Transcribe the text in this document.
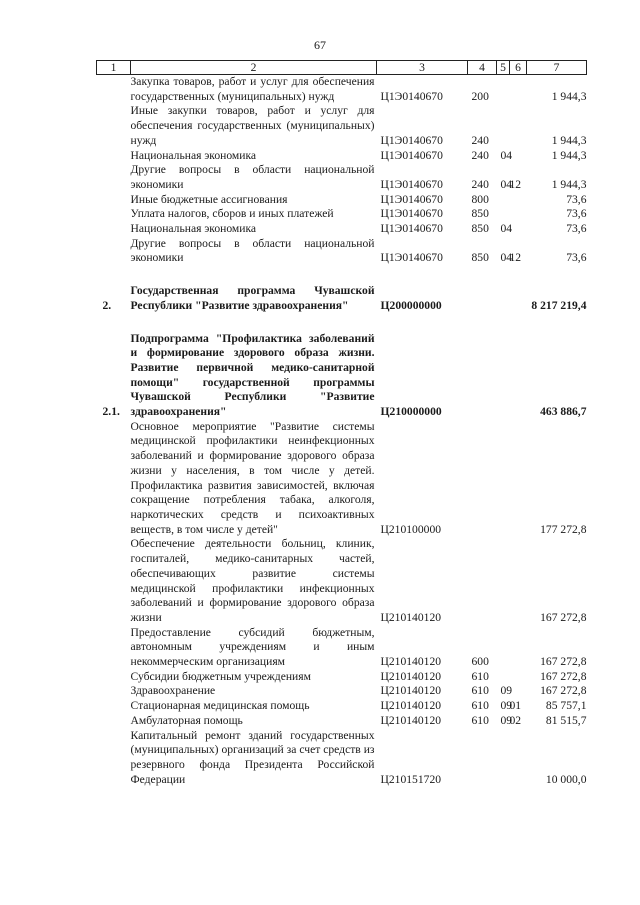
67
1	2	3	4	5	6	7
	Закупка товаров, работ и услуг для обеспечения государственных (муниципальных) нужд	Ц1Э0140670	200			1 944,3
	Иные закупки товаров, работ и услуг для обеспечения государственных (муниципальных) нужд	Ц1Э0140670	240			1 944,3
	Национальная экономика	Ц1Э0140670	240	04		1 944,3
	Другие вопросы в области национальной экономики	Ц1Э0140670	240	04	12	1 944,3
	Иные бюджетные ассигнования	Ц1Э0140670	800			73,6
	Уплата налогов, сборов и иных платежей	Ц1Э0140670	850			73,6
	Национальная экономика	Ц1Э0140670	850	04		73,6
	Другие вопросы в области национальной экономики	Ц1Э0140670	850	04	12	73,6
2.	Государственная программа Чувашской Республики "Развитие здравоохранения"	Ц200000000				8 217 219,4
2.1.	Подпрограмма "Профилактика заболеваний и формирование здорового образа жизни. Развитие первичной медико-санитарной помощи" государственной программы Чувашской Республики "Развитие здравоохранения"	Ц210000000				463 886,7
	Основное мероприятие "Развитие системы медицинской профилактики неинфекционных заболеваний и формирование здорового образа жизни у населения, в том числе у детей. Профилактика развития зависимостей, включая сокращение потребления табака, алкоголя, наркотических средств и психоактивных веществ, в том числе у детей"	Ц210100000				177 272,8
	Обеспечение деятельности больниц, клиник, госпиталей, медико-санитарных частей, обеспечивающих развитие системы медицинской профилактики инфекционных заболеваний и формирование здорового образа жизни	Ц210140120				167 272,8
	Предоставление субсидий бюджетным, автономным учреждениям и иным некоммерческим организациям	Ц210140120	600			167 272,8
	Субсидии бюджетным учреждениям	Ц210140120	610			167 272,8
	Здравоохранение	Ц210140120	610	09		167 272,8
	Стационарная медицинская помощь	Ц210140120	610	09	01	85 757,1
	Амбулаторная помощь	Ц210140120	610	09	02	81 515,7
	Капитальный ремонт зданий государственных (муниципальных) организаций за счет средств из резервного фонда Президента Российской Федерации	Ц210151720				10 000,0
